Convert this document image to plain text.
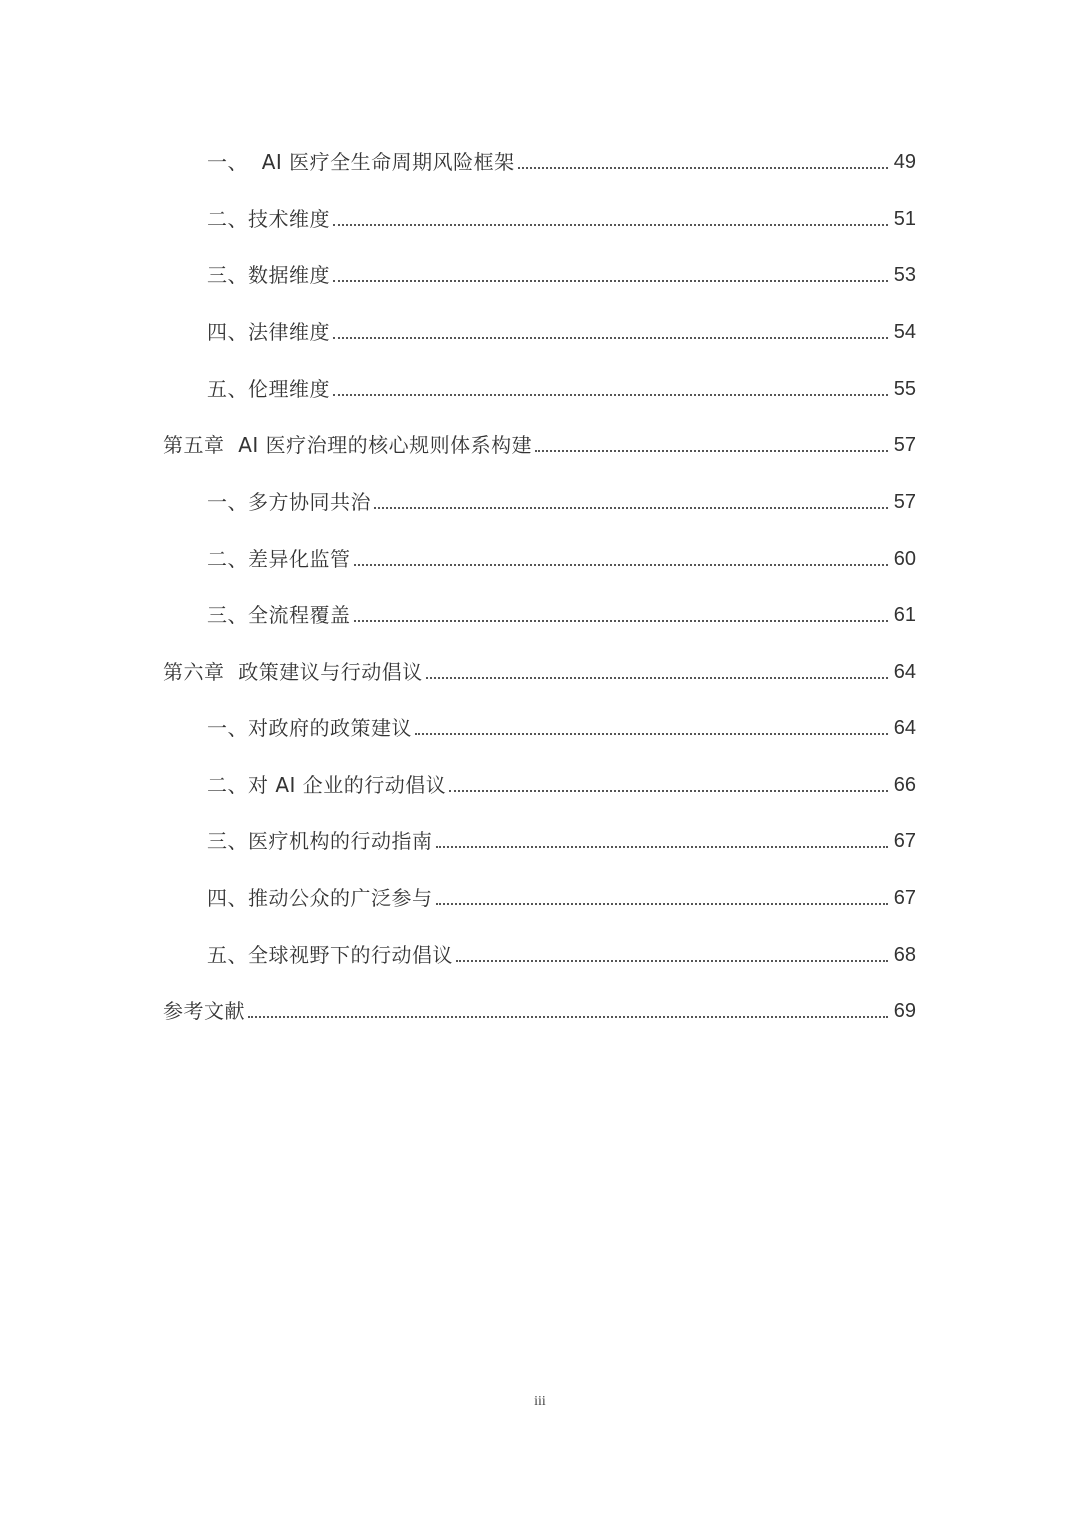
一、  AI 医疗全生命周期风险框架	49
二、技术维度	51
三、数据维度	53
四、法律维度	54
五、伦理维度	55
第五章  AI 医疗治理的核心规则体系构建	57
一、多方协同共治	57
二、差异化监管	60
三、全流程覆盖	61
第六章  政策建议与行动倡议	64
一、对政府的政策建议	64
二、对 AI 企业的行动倡议	66
三、医疗机构的行动指南	67
四、推动公众的广泛参与	67
五、全球视野下的行动倡议	68
参考文献	69
iii
